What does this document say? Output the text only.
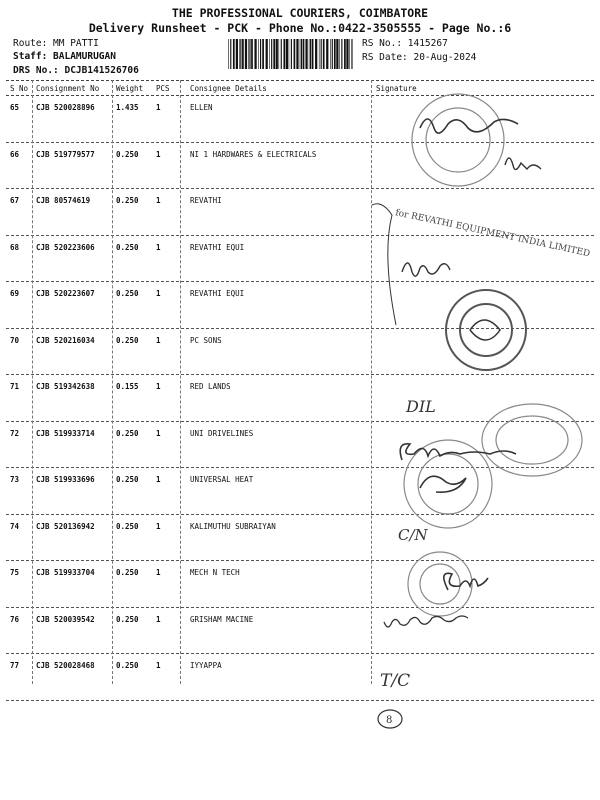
THE PROFESSIONAL COURIERS, COIMBATORE
Delivery Runsheet - PCK - Phone No.:0422-3505555 - Page No.:6
Route: MM PATTI
Staff: BALAMURUGAN
DRS No.: DCJB141526706
RS No.: 1415267
RS Date: 20-Aug-2024
S No Consignment No Weight PCS	Consignee Details	Signature
65 CJB 520028896	1.435 1	ELLEN
66 CJB 519779577	0.250 1	NI 1 HARDWARES & ELECTRICALS
67 CJB 80574619	0.250 1	REVATHI
68 CJB 520223606	0.250 1	REVATHI EQUI
69 CJB 520223607	0.250 1	REVATHI EQUI
70 CJB 520216034	0.250 1	PC SONS
71 CJB 519342638	0.155 1	RED LANDS
72 CJB 519933714	0.250 1	UNI DRIVELINES
73 CJB 519933696	0.250 1	UNIVERSAL HEAT
74 CJB 520136942	0.250 1	KALIMUTHU SUBRAIYAN
75 CJB 519933704	0.250 1	MECH N TECH
76 CJB 520039542	0.250 1	GRISHAM MACINE
77 CJB 520028468	0.250 1	IYYAPPA
for REVATHI EQUIPMENT INDIA LIMITED
DIL
C/N
T/C
8
